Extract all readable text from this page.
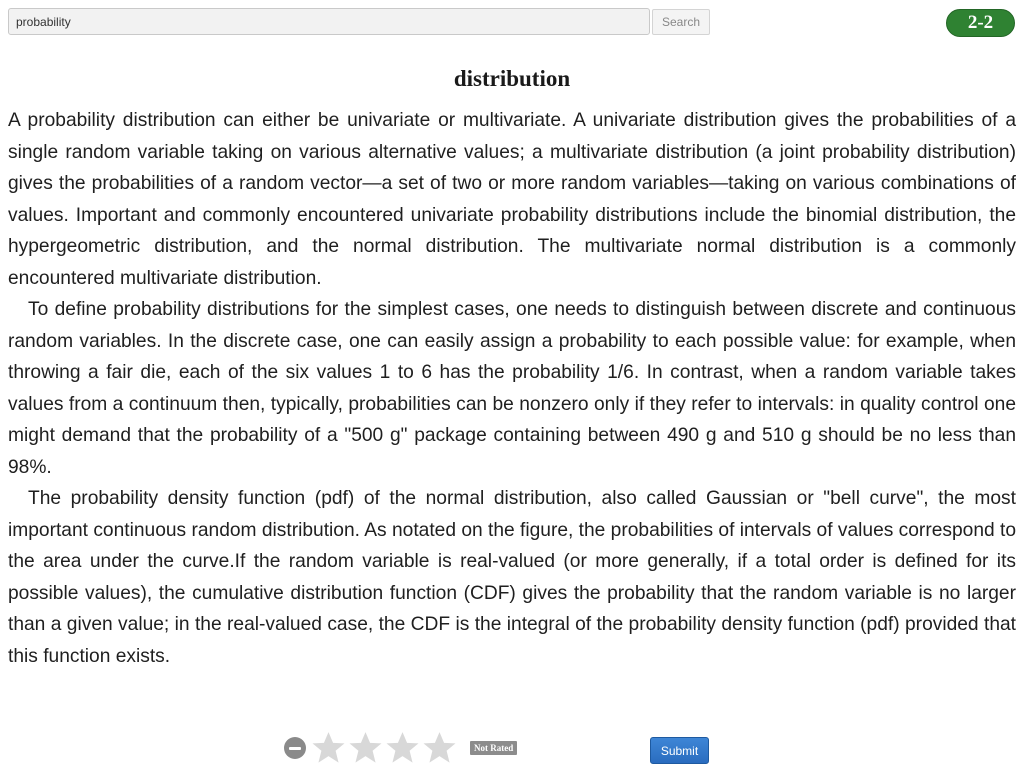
probability
Search	2-2
distribution

A probability distribution can either be univariate or multivariate. A univariate distribution gives the probabilities of a single random variable taking on various alternative values; a multivariate distribution (a joint probability distribution) gives the probabilities of a random vector—a set of two or more random variables—taking on various combinations of values. Important and commonly encountered univariate probability distributions include the binomial distribution, the hypergeometric distribution, and the normal distribution. The multivariate normal distribution is a commonly encountered multivariate distribution.

To define probability distributions for the simplest cases, one needs to distinguish between discrete and continuous random variables. In the discrete case, one can easily assign a probability to each possible value: for example, when throwing a fair die, each of the six values 1 to 6 has the probability 1/6. In contrast, when a random variable takes values from a continuum then, typically, probabilities can be nonzero only if they refer to intervals: in quality control one might demand that the probability of a "500 g" package containing between 490 g and 510 g should be no less than 98%.

The probability density function (pdf) of the normal distribution, also called Gaussian or "bell curve", the most important continuous random distribution. As notated on the figure, the probabilities of intervals of values correspond to the area under the curve.If the random variable is real-valued (or more generally, if a total order is defined for its possible values), the cumulative distribution function (CDF) gives the probability that the random variable is no larger than a given value; in the real-valued case, the CDF is the integral of the probability density function (pdf) provided that this function exists.

Not Rated	Submit
